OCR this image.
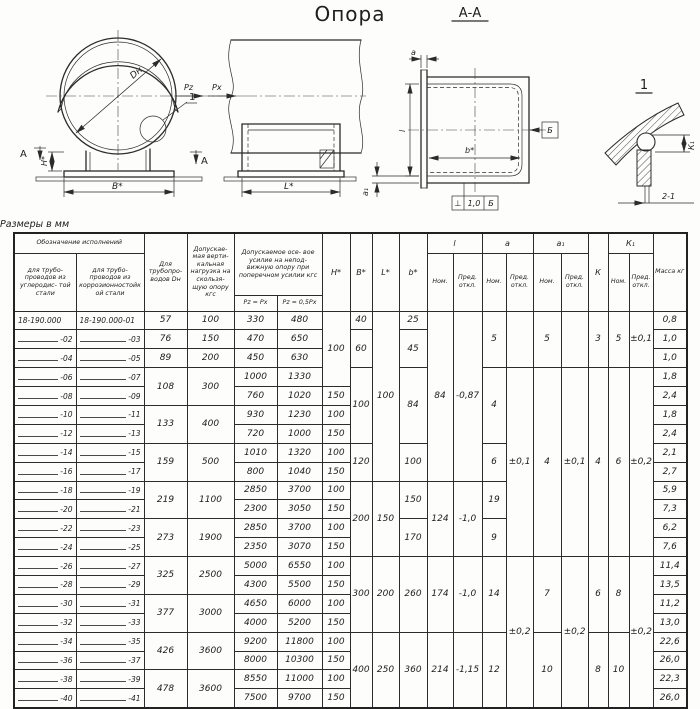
Опора
Dн
Pz Px
H*
B*
А
А
1
L*
А-А
a
l
b*
а₁
Б
⊥ 1,0 Б
1
К₁
2-1
Размеры в мм
Обозначение исполнений		Для трубопро- водов Dн	Допускае- мая верти- кальная нагрузка на скользя- щую опору кгс	Допускаемое осе- вое усилие на непод- вижную опору при поперечном усилии кгс		H*	B*	L*	b*	l		a		а₁		К	К₁		Масса кг
для трубо- проводов из углеродис- той стали	для трубо- проводов из коррозионностойкой стали									Ном.	Пред. откл.	Ном.	Пред. откл.	Ном.	Пред. откл.		Ном.	Пред. откл.	
				Pz = Px	Pz = 0,5Px														

18-190.000	18-190.000-01	57	100	330	480	100	40	100	25	84	-0,87	5		5		3	5	±0,1	0,8

-02	-03	76	150	470	650		60		45										1,0

-04	-05	89	200	450	630														1,0

-06	-07	108	300	1000	1330		100		84			4	±0,1	4	±0,1	4	6	±0,2	1,8

-08	-09			760	1020	150													2,4

-10	-11	133	400	930	1230	100													1,8

-12	-13			720	1000	150													2,4

-14	-15	159	500	1010	1320	100	120		100			6							2,1

-16	-17			800	1040	150													2,7

-18	-19	219	1100	2850	3700	100	200	150	150	124	-1,0	19							5,9

-20	-21			2300	3050	150													7,3

-22	-23	273	1900	2850	3700	100			170			9							6,2

-24	-25			2350	3070	150													7,6

-26	-27	325	2500	5000	6550	100	300	200	260	174	-1,0	14	±0,2	7	±0,2	6	8	±0,2	11,4

-28	-29			4300	5500	150													13,5

-30	-31	377	3000	4650	6000	100													11,2

-32	-33			4000	5200	150													13,0

-34	-35	426	3600	9200	11800	100	400	250	360	214	-1,15	12		10		8	10		22,6

-36	-37			8000	10300	150													26,0

-38	-39	478	3600	8550	11000	100													22,3

-40	-41			7500	9700	150													26,0
